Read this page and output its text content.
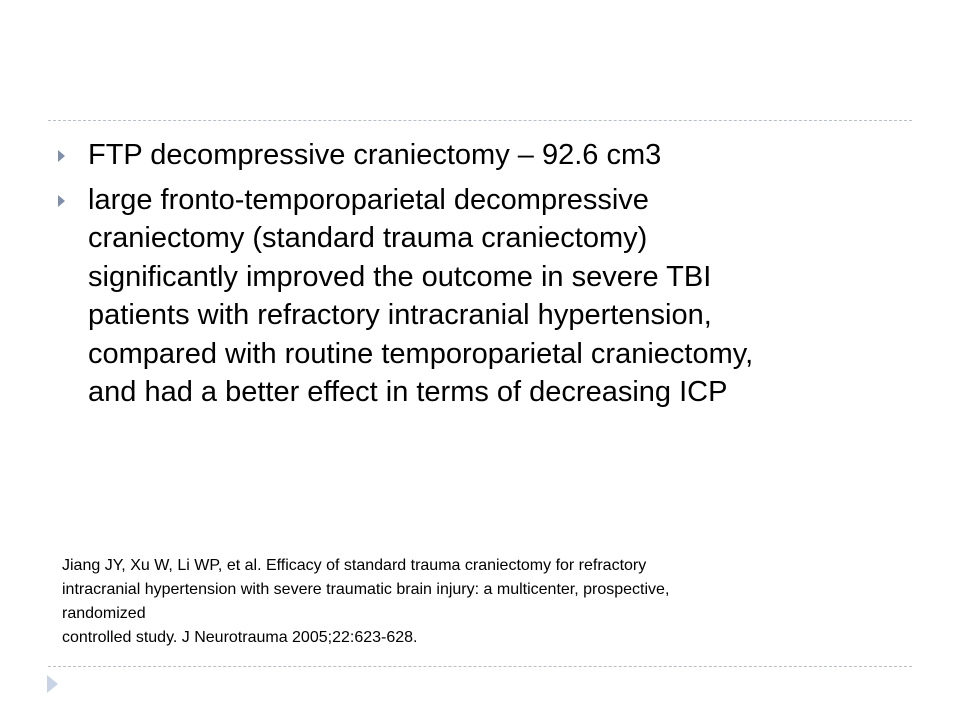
FTP decompressive craniectomy – 92.6 cm3
large fronto-temporoparietal decompressive
craniectomy (standard trauma craniectomy)
significantly improved the outcome in severe TBI
patients with refractory intracranial hypertension,
compared with routine temporoparietal craniectomy,
and had a better effect in terms of decreasing ICP
Jiang JY, Xu W, Li WP, et al. Efficacy of standard trauma craniectomy for refractory
intracranial hypertension with severe traumatic brain injury: a multicenter, prospective,
randomized
controlled study. J Neurotrauma 2005;22:623-628.
